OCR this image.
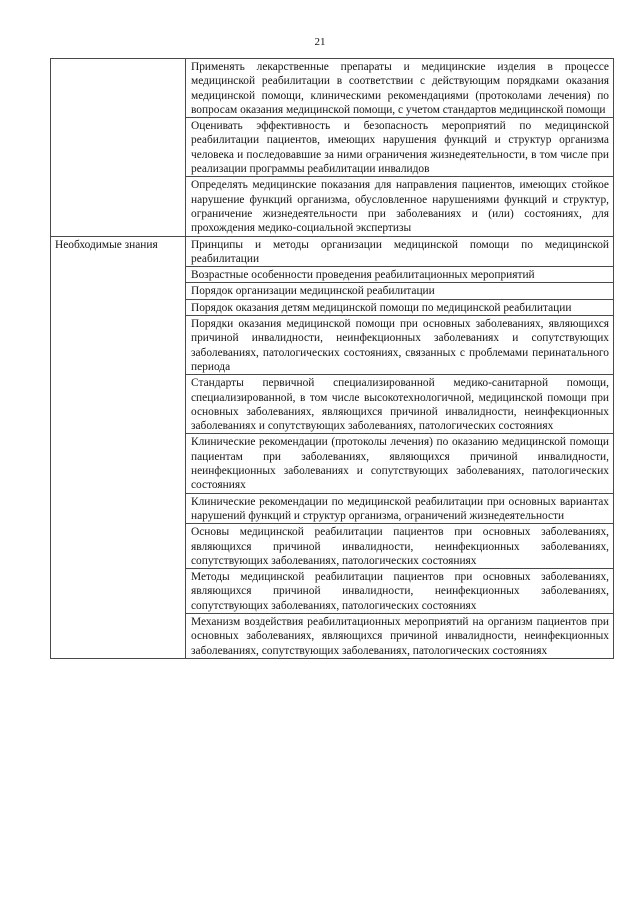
21

	Применять лекарственные препараты и медицинские изделия в процессе медицинской реабилитации в соответствии с действующим порядками оказания медицинской помощи, клиническими рекомендациями (протоколами лечения) по вопросам оказания медицинской помощи, с учетом стандартов медицинской помощи

	Оценивать эффективность и безопасность мероприятий по медицинской реабилитации пациентов, имеющих нарушения функций и структур организма человека и последовавшие за ними ограничения жизнедеятельности, в том числе при реализации программы реабилитации инвалидов

	Определять медицинские показания для направления пациентов, имеющих стойкое нарушение функций организма, обусловленное нарушениями функций и структур, ограничение жизнедеятельности при заболеваниях и (или) состояниях, для прохождения медико-социальной экспертизы

Необходимые знания	Принципы и методы организации медицинской помощи по медицинской реабилитации

	Возрастные особенности проведения реабилитационных мероприятий

	Порядок организации медицинской реабилитации

	Порядок оказания детям медицинской помощи по медицинской реабилитации

	Порядки оказания медицинской помощи при основных заболеваниях, являющихся причиной инвалидности, неинфекционных заболеваниях и сопутствующих заболеваниях, патологических состояниях, связанных с проблемами перинатального периода

	Стандарты первичной специализированной медико-санитарной помощи, специализированной, в том числе высокотехнологичной, медицинской помощи при основных заболеваниях, являющихся причиной инвалидности, неинфекционных заболеваниях и сопутствующих заболеваниях, патологических состояниях

	Клинические рекомендации (протоколы лечения) по оказанию медицинской помощи пациентам при заболеваниях, являющихся причиной инвалидности, неинфекционных заболеваниях и сопутствующих заболеваниях, патологических состояниях

	Клинические рекомендации по медицинской реабилитации при основных вариантах нарушений функций и структур организма, ограничений жизнедеятельности

	Основы медицинской реабилитации пациентов при основных заболеваниях, являющихся причиной инвалидности, неинфекционных заболеваниях, сопутствующих заболеваниях, патологических состояниях

	Методы медицинской реабилитации пациентов при основных заболеваниях, являющихся причиной инвалидности, неинфекционных заболеваниях, сопутствующих заболеваниях, патологических состояниях

	Механизм воздействия реабилитационных мероприятий на организм пациентов при основных заболеваниях, являющихся причиной инвалидности, неинфекционных заболеваниях, сопутствующих заболеваниях, патологических состояниях
